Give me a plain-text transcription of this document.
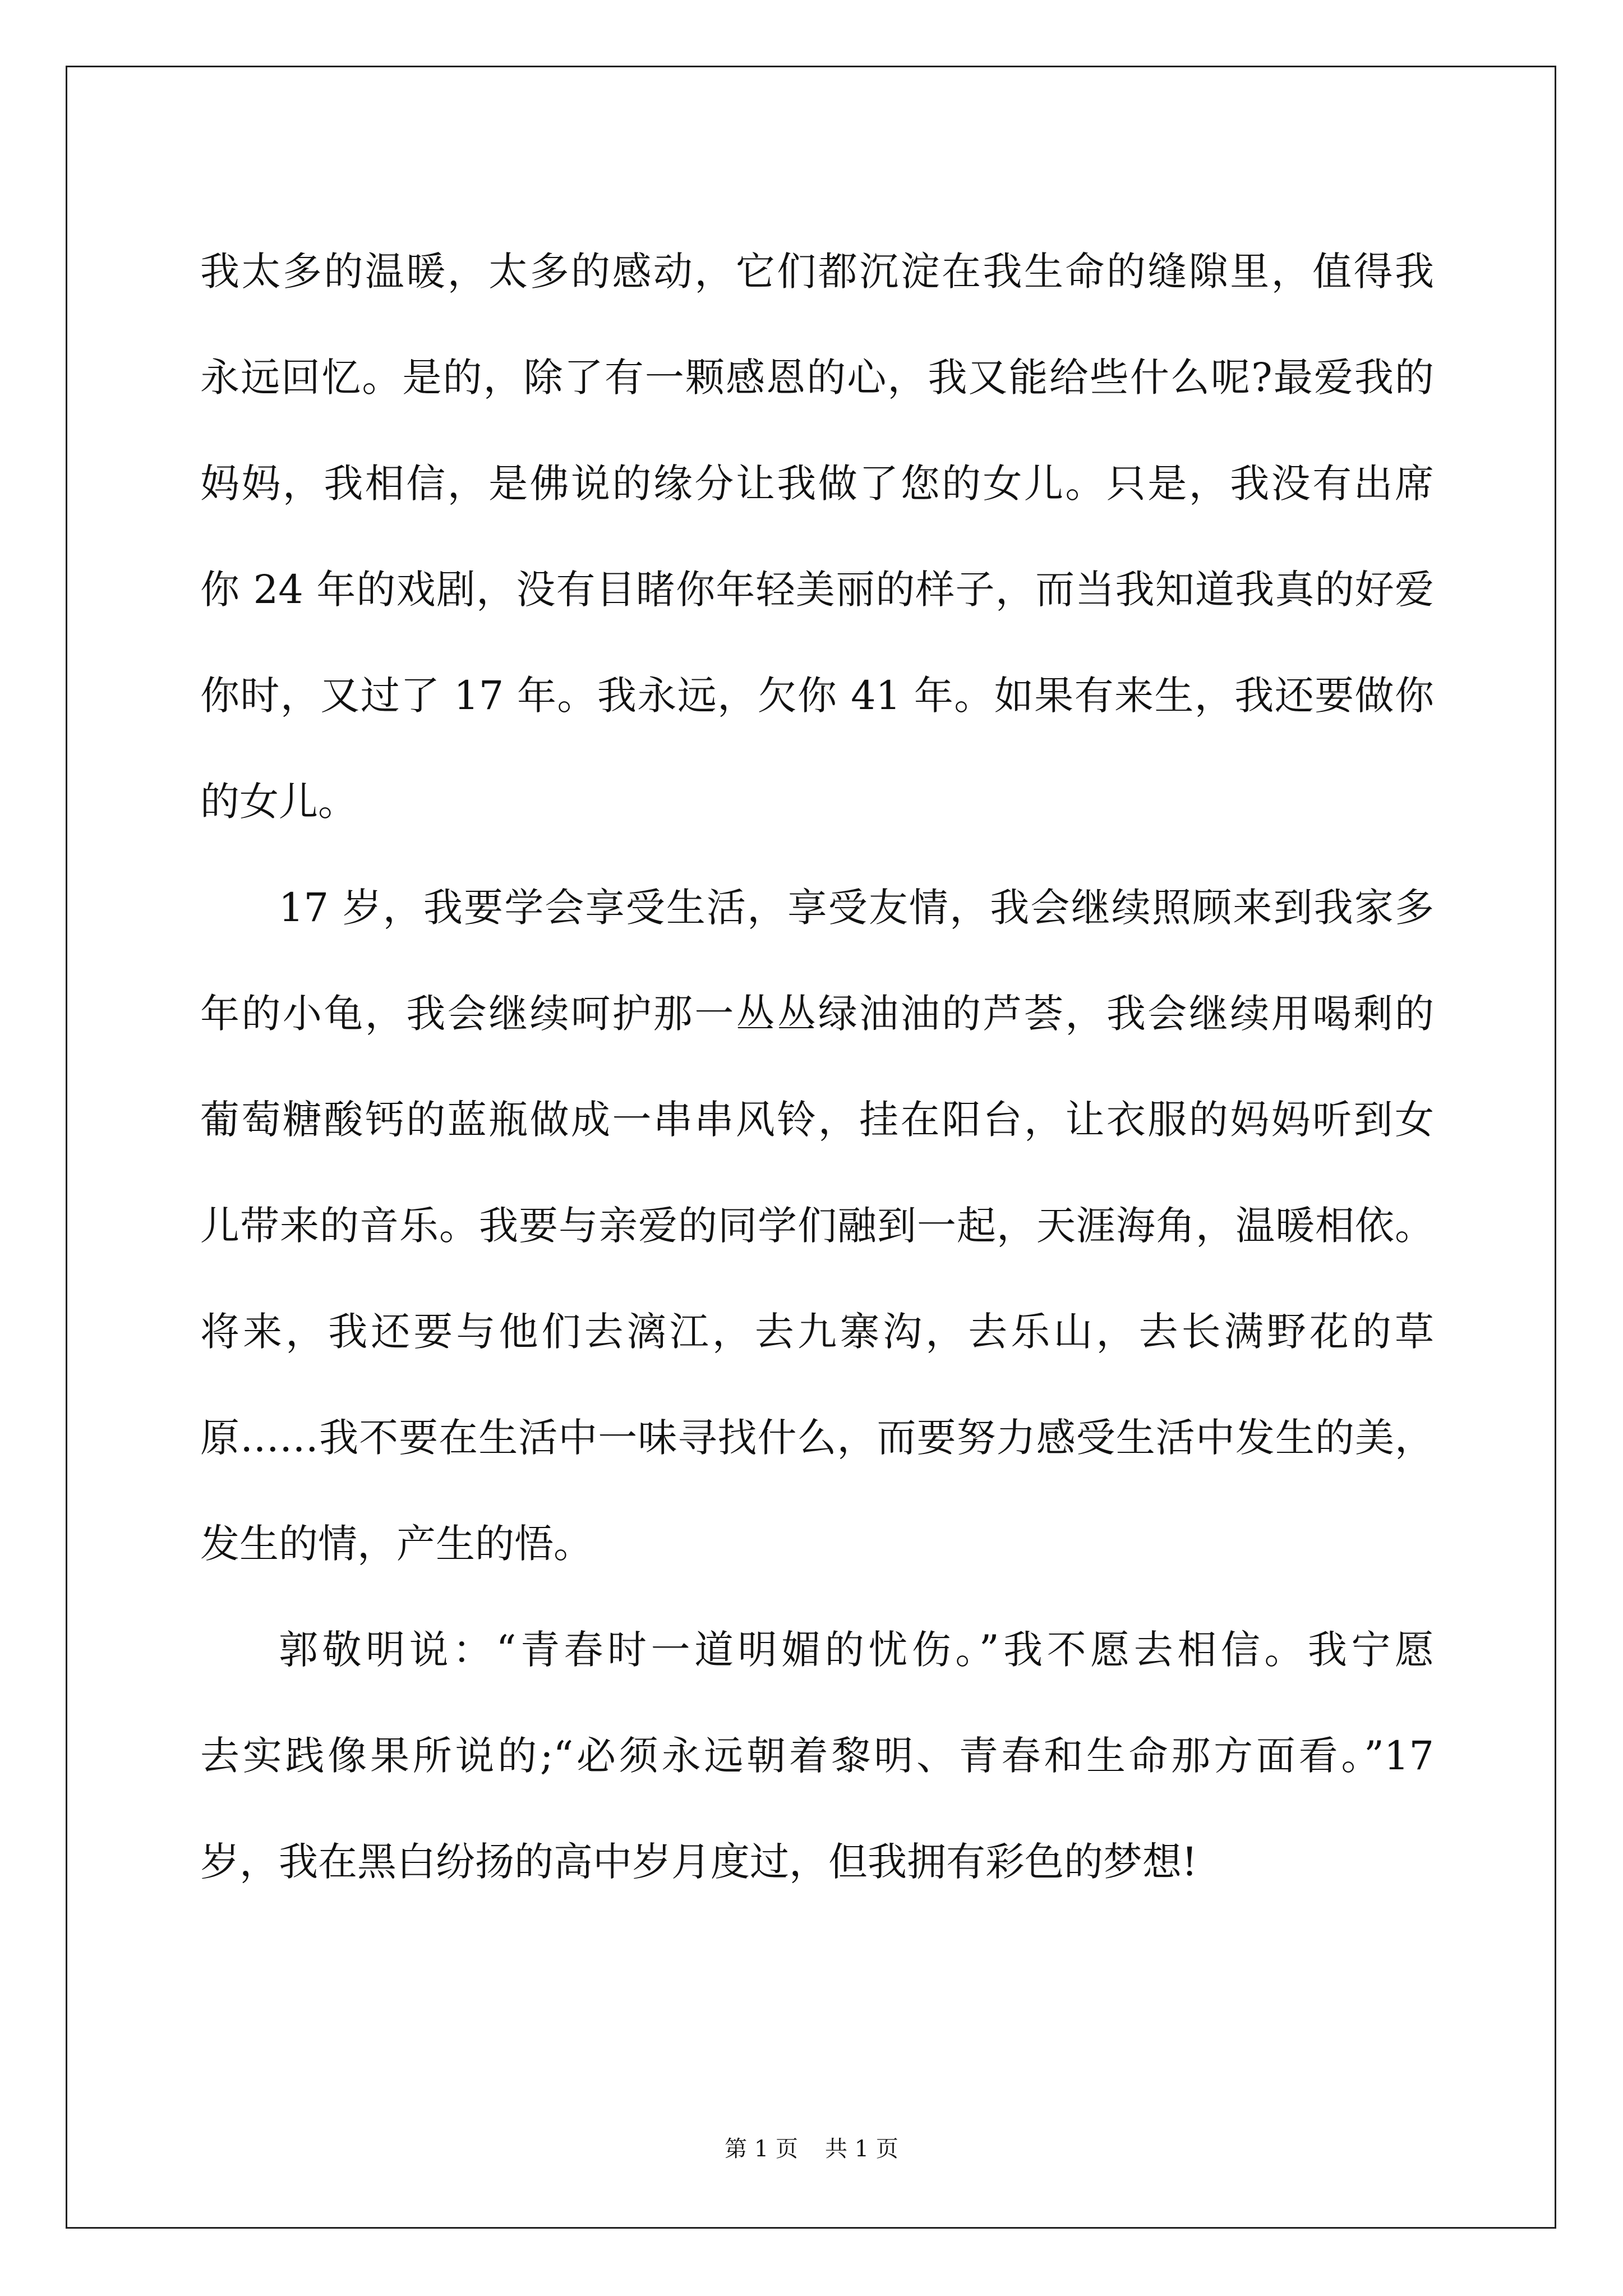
我太多的温暖，太多的感动，它们都沉淀在我生命的缝隙里，值得我
永远回忆。是的，除了有一颗感恩的心，我又能给些什么呢?最爱我的
妈妈，我相信，是佛说的缘分让我做了您的女儿。只是，我没有出席
你 24 年的戏剧，没有目睹你年轻美丽的样子，而当我知道我真的好爱
你时，又过了 17 年。我永远，欠你 41 年。如果有来生，我还要做你
的女儿。
17 岁，我要学会享受生活，享受友情，我会继续照顾来到我家多
年的小龟，我会继续呵护那一丛丛绿油油的芦荟，我会继续用喝剩的
葡萄糖酸钙的蓝瓶做成一串串风铃，挂在阳台，让衣服的妈妈听到女
儿带来的音乐。我要与亲爱的同学们融到一起，天涯海角，温暖相依。
将来，我还要与他们去漓江，去九寨沟，去乐山，去长满野花的草
原……我不要在生活中一味寻找什么，而要努力感受生活中发生的美，
发生的情，产生的悟。
郭敬明说：“青春时一道明媚的忧伤。”我不愿去相信。我宁愿
去实践像果所说的;“必须永远朝着黎明、青春和生命那方面看。”17
岁，我在黑白纷扬的高中岁月度过，但我拥有彩色的梦想!
第 1 页 共 1 页
